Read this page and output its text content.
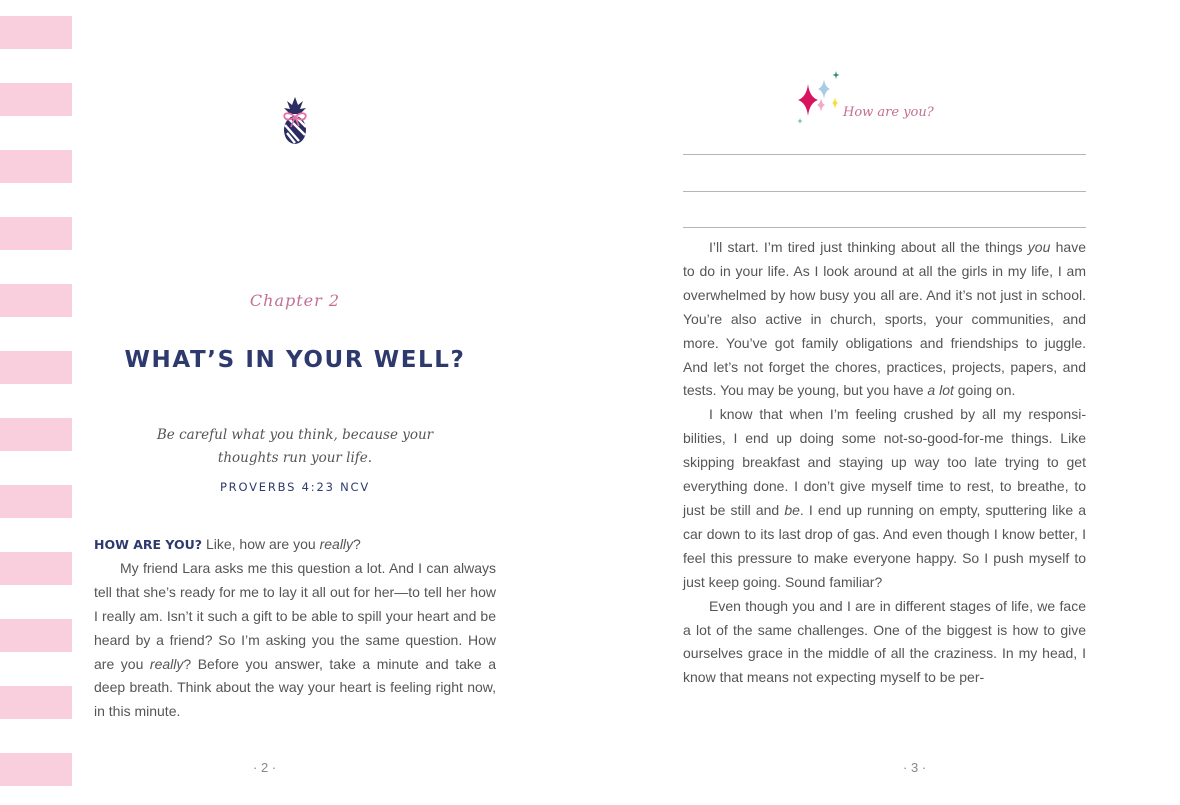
Chapter 2
WHAT’S IN YOUR WELL?
Be careful what you think, because your
thoughts run your life.
PROVERBS 4:23 NCV

HOW ARE YOU? Like, how are you really?

My friend Lara asks me this question a lot. And I can always tell that she’s ready for me to lay it all out for her—to tell her how I really am. Isn’t it such a gift to be able to spill your heart and be heard by a friend? So I’m asking you the same question. How are you really? Before you answer, take a minute and take a deep breath. Think about the way your heart is feeling right now, in this minute.

· 2 ·
How are you?

I’ll start. I’m tired just thinking about all the things you have to do in your life. As I look around at all the girls in my life, I am overwhelmed by how busy you all are. And it’s not just in school. You’re also active in church, sports, your communities, and more. You’ve got family obligations and friendships to juggle. And let’s not forget the chores, practices, projects, papers, and tests. You may be young, but you have a lot going on.

I know that when I’m feeling crushed by all my responsibilities, I end up doing some not-so-good-for-me things. Like skipping breakfast and staying up way too late trying to get everything done. I don’t give myself time to rest, to breathe, to just be still and be. I end up running on empty, sputtering like a car down to its last drop of gas. And even though I know better, I feel this pressure to make everyone happy. So I push myself to just keep going. Sound familiar?

Even though you and I are in different stages of life, we face a lot of the same challenges. One of the biggest is how to give ourselves grace in the middle of all the craziness. In my head, I know that means not expecting myself to be per-

· 3 ·
